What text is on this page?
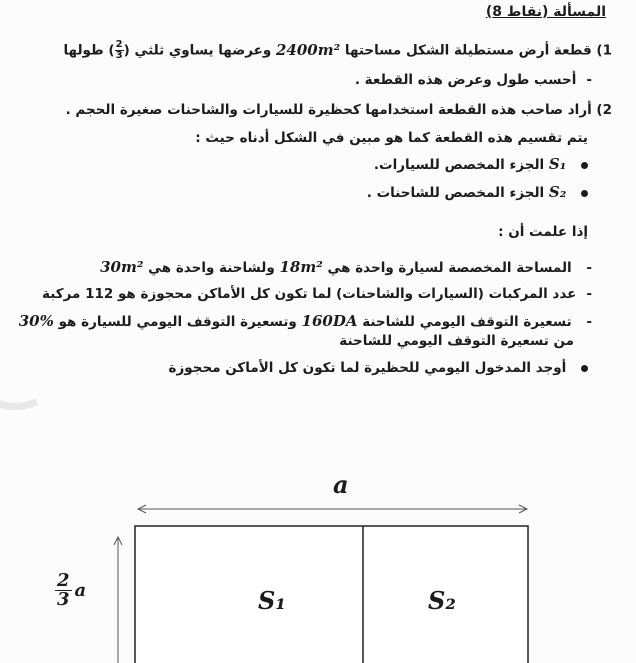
المسألة (نقاط 8)
1) قطعة أرض مستطيلة الشكل مساحتها 2400m² وعرضها يساوي ثلثي ( $\frac{2}{3}$ ) طولها
-أحسب طول وعرض هذه القطعة .
2) أراد صاحب هذه القطعة استخدامها كحظيرة للسيارات والشاحنات صغيرة الحجم .
يتم تقسيم هذه القطعة كما هو مبين في الشكل أدناه حيث :
S₁ الجزء المخصص للسيارات.
S₂ الجزء المخصص للشاحنات .
إذا علمت أن :
- المساحة المخصصة لسيارة واحدة هي 18m² ولشاحنة واحدة هي 30m²
-عدد المركبات (السيارات والشاحنات) لما تكون كل الأماكن محجوزة هو 112 مركبة
- تسعيرة التوقف اليومي للشاحنة 160DA وتسعيرة التوقف اليومي للسيارة هو 30%
من تسعيرة التوقف اليومي للشاحنة
أوجد المدخول اليومي للحظيرة لما تكون كل الأماكن محجوزة
a
2
3 a	S₁	S₂
